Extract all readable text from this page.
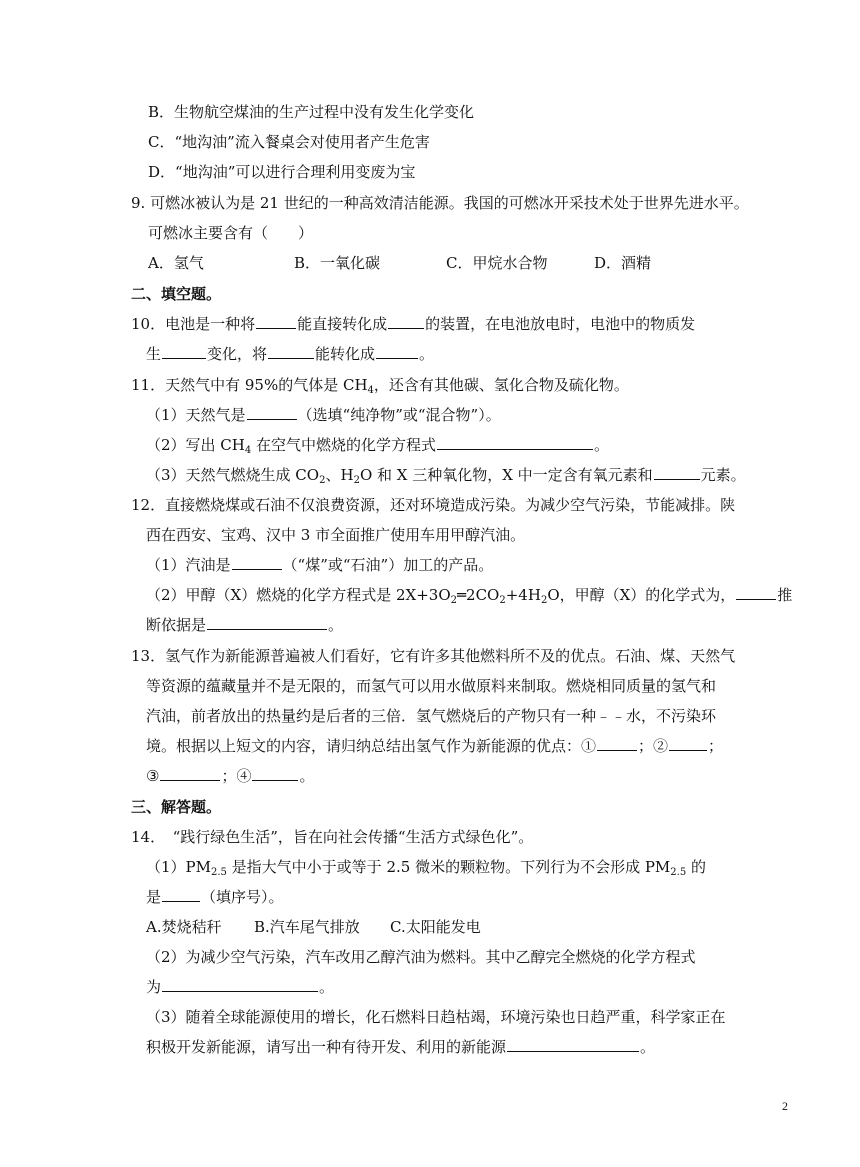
B．生物航空煤油的生产过程中没有发生化学变化
C．“地沟油”流入餐桌会对使用者产生危害
D．“地沟油”可以进行合理利用变废为宝
9. 可燃冰被认为是 21 世纪的一种高效清洁能源。我国的可燃冰开采技术处于世界先进水平。
可燃冰主要含有（　　）
A．氢气	B．一氧化碳	C．甲烷水合物	D．酒精
二、填空题。
10．电池是一种将	能直接转化成	的装置，在电池放电时，电池中的物质发
生	变化，将	能转化成	。
11．天然气中有 95%的气体是 $CH_4$，还含有其他碳、氢化合物及硫化物。
（1）天然气是	（选填“纯净物”或“混合物”）。
（2）写出 $CH_4$ 在空气中燃烧的化学方程式	。
（3）天然气燃烧生成 $CO_2$、$H_2O$ 和 X 三种氧化物，X 中一定含有氧元素和	元素。
12．直接燃烧煤或石油不仅浪费资源，还对环境造成污染。为减少空气污染，节能减排。陕
西在西安、宝鸡、汉中 3 市全面推广使用车用甲醇汽油。
（1）汽油是	（“煤”或“石油”）加工的产品。
（2）甲醇（X）燃烧的化学方程式是 $2X+3O_2═2CO_2+4H_2O$，甲醇（X）的化学式为，	推
断依据是	。
13．氢气作为新能源普遍被人们看好，它有许多其他燃料所不及的优点。石油、煤、天然气
等资源的蕴藏量并不是无限的，而氢气可以用水做原料来制取。燃烧相同质量的氢气和
汽油，前者放出的热量约是后者的三倍．氢气燃烧后的产物只有一种﹣﹣水，不污染环
境。根据以上短文的内容，请归纳总结出氢气作为新能源的优点：①	；②	；
③	；④	。
三、解答题。
14．　“践行绿色生活”，旨在向社会传播“生活方式绿色化”。
$(1)PM_{2.5}$ 是指大气中小于或等于 2.5 微米的颗粒物。下列行为不会形成 $PM_{2.5}$ 的
是	（填序号）。
A.焚烧秸秆 B.汽车尾气排放 C.太阳能发电
（2）为减少空气污染，汽车改用乙醇汽油为燃料。其中乙醇完全燃烧的化学方程式
为	。
（3）随着全球能源使用的增长，化石燃料日趋枯竭，环境污染也日趋严重，科学家正在
积极开发新能源，请写出一种有待开发、利用的新能源	。
2
